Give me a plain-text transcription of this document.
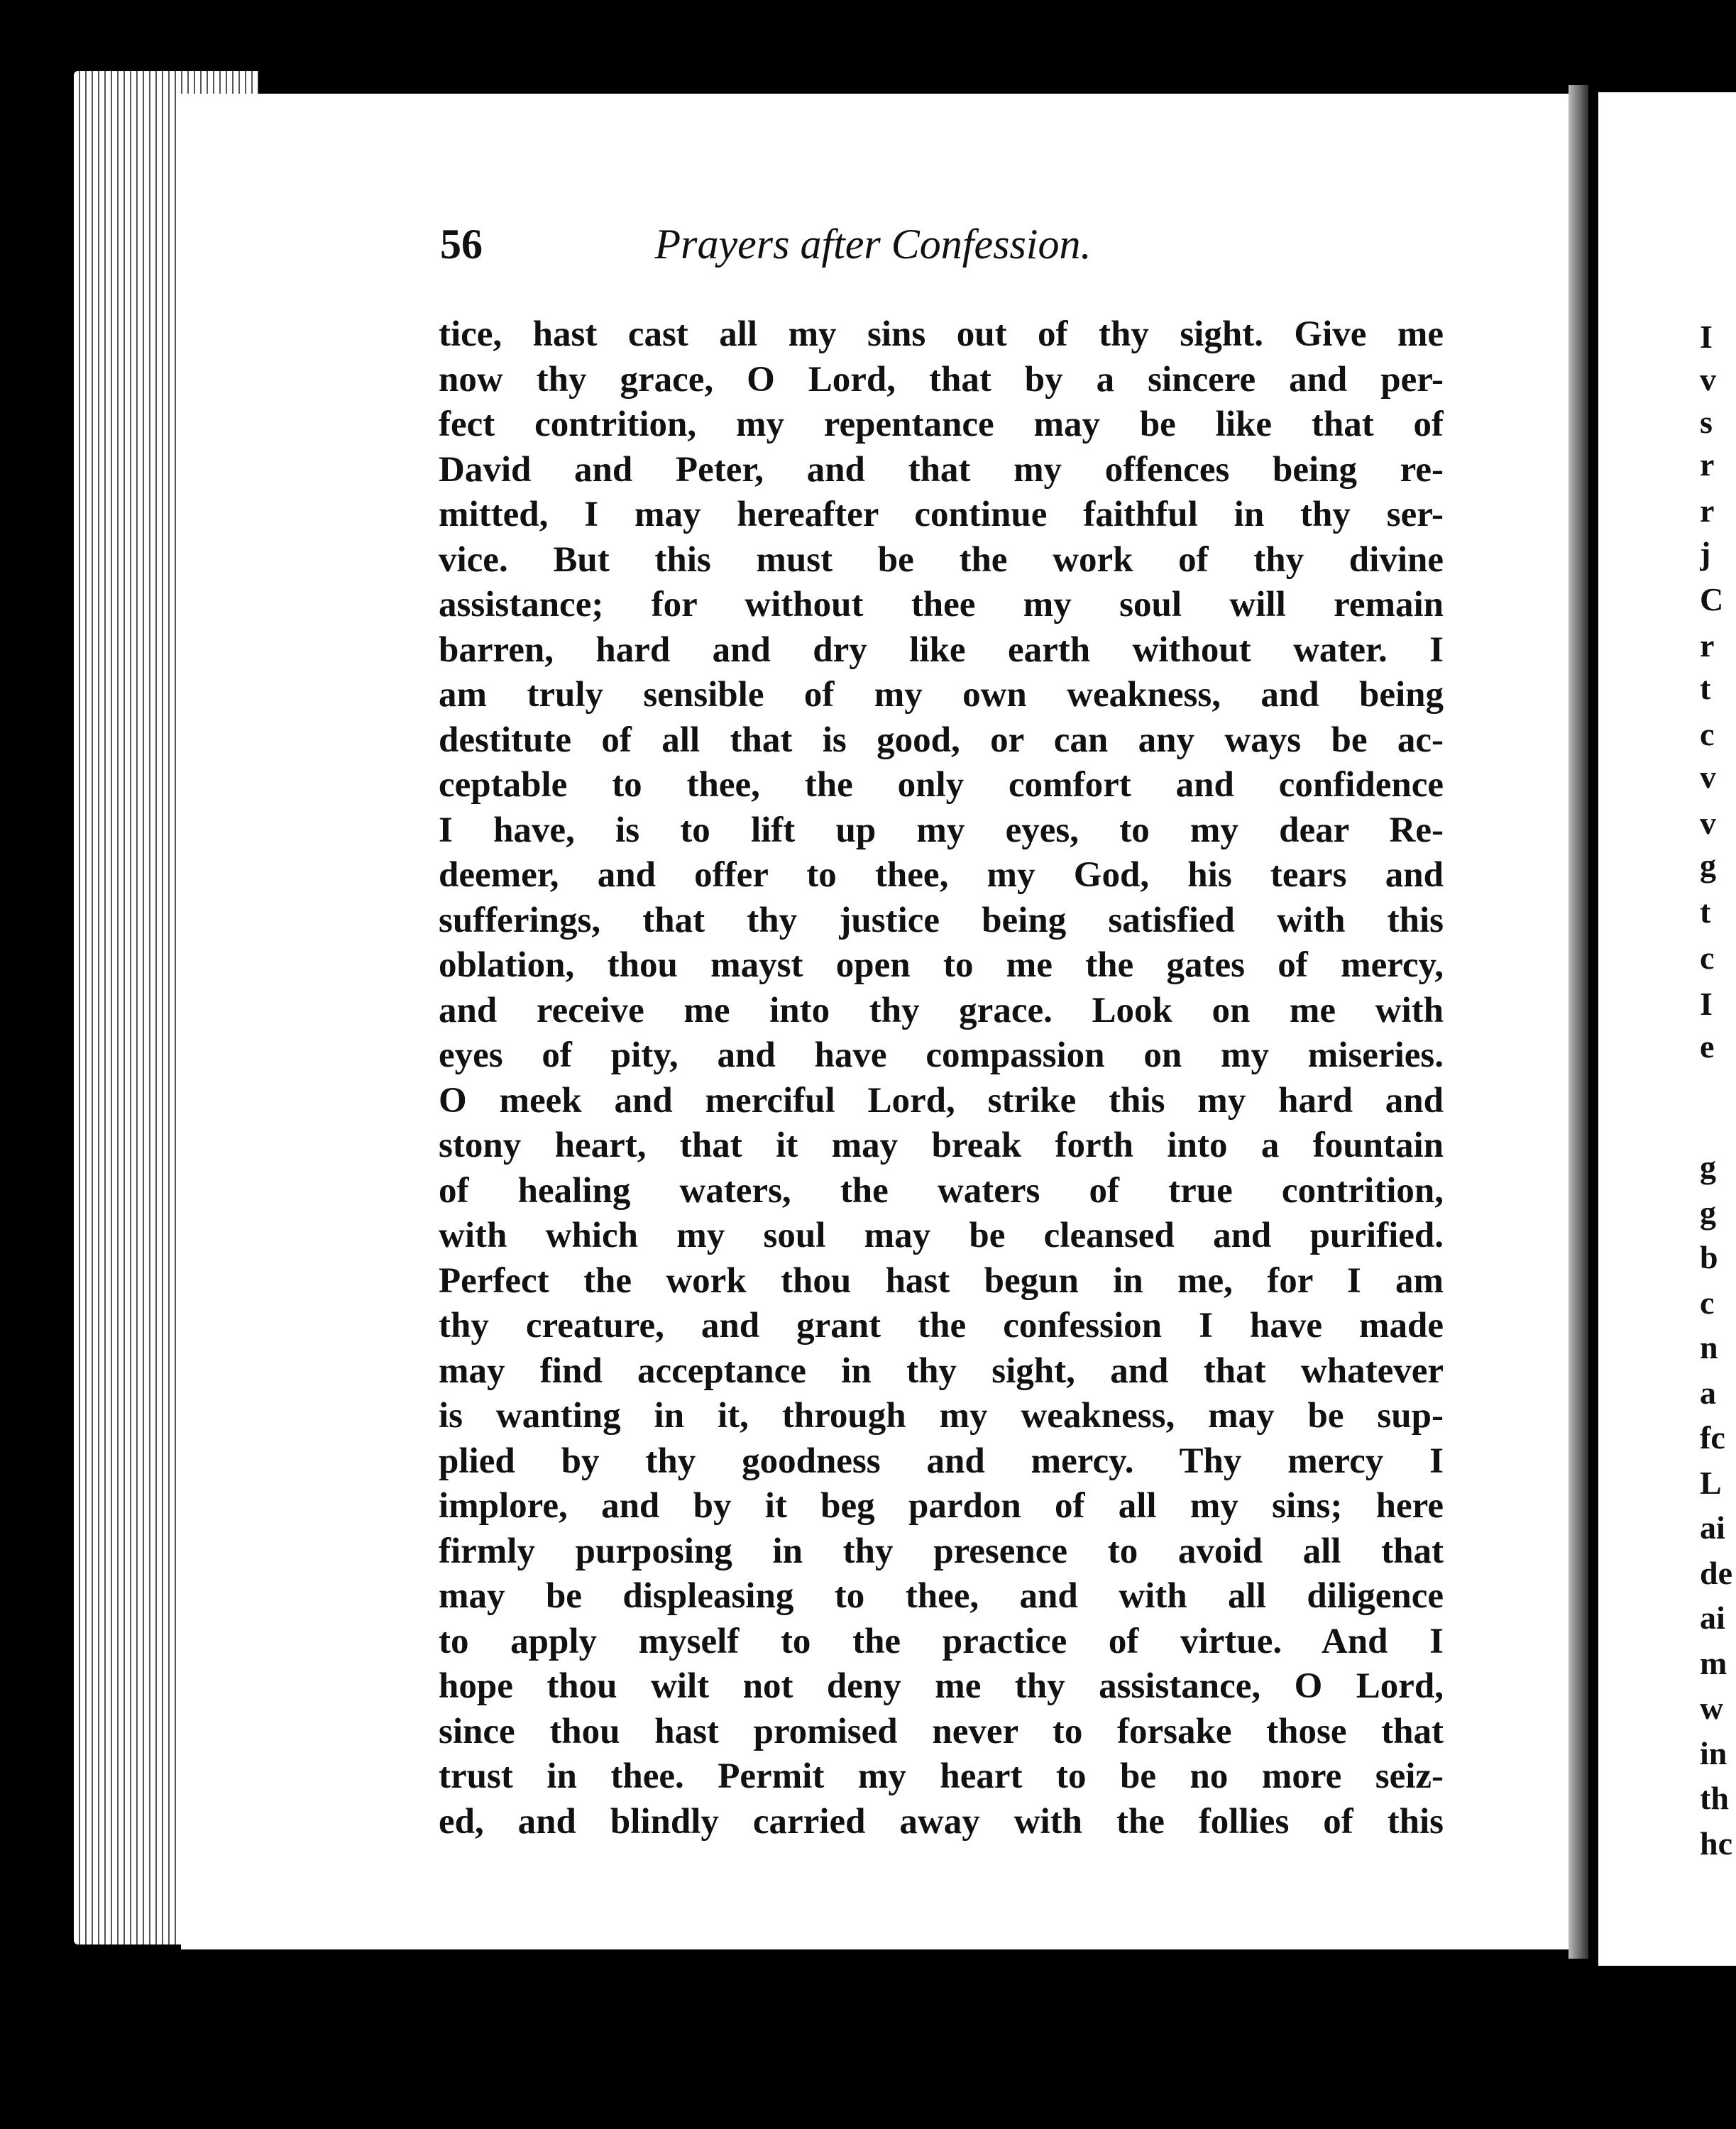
56	Prayers after Confession.
tice, hast cast all my sins out of thy sight. Give me
now thy grace, O Lord, that by a sincere and per-
fect contrition, my repentance may be like that of
David and Peter, and that my offences being re-
mitted, I may hereafter continue faithful in thy ser-
vice. But this must be the work of thy divine
assistance; for without thee my soul will remain
barren, hard and dry like earth without water. I
am truly sensible of my own weakness, and being
destitute of all that is good, or can any ways be ac-
ceptable to thee, the only comfort and confidence
I have, is to lift up my eyes, to my dear Re-
deemer, and offer to thee, my God, his tears and
sufferings, that thy justice being satisfied with this
oblation, thou mayst open to me the gates of mercy,
and receive me into thy grace. Look on me with
eyes of pity, and have compassion on my miseries.
O meek and merciful Lord, strike this my hard and
stony heart, that it may break forth into a fountain
of healing waters, the waters of true contrition,
with which my soul may be cleansed and purified.
Perfect the work thou hast begun in me, for I am
thy creature, and grant the confession I have made
may find acceptance in thy sight, and that whatever
is wanting in it, through my weakness, may be sup-
plied by thy goodness and mercy. Thy mercy I
implore, and by it beg pardon of all my sins; here
firmly purposing in thy presence to avoid all that
may be displeasing to thee, and with all diligence
to apply myself to the practice of virtue. And I
hope thou wilt not deny me thy assistance, O Lord,
since thou hast promised never to forsake those that
trust in thee. Permit my heart to be no more seiz-
ed, and blindly carried away with the follies of this
I
v
s
r
r
j
C
r
t
c
v
v
g
t
c
I
e
g
g
b
c
n
a
fc
L
ai
de
ai
m
w
in
th
hc
